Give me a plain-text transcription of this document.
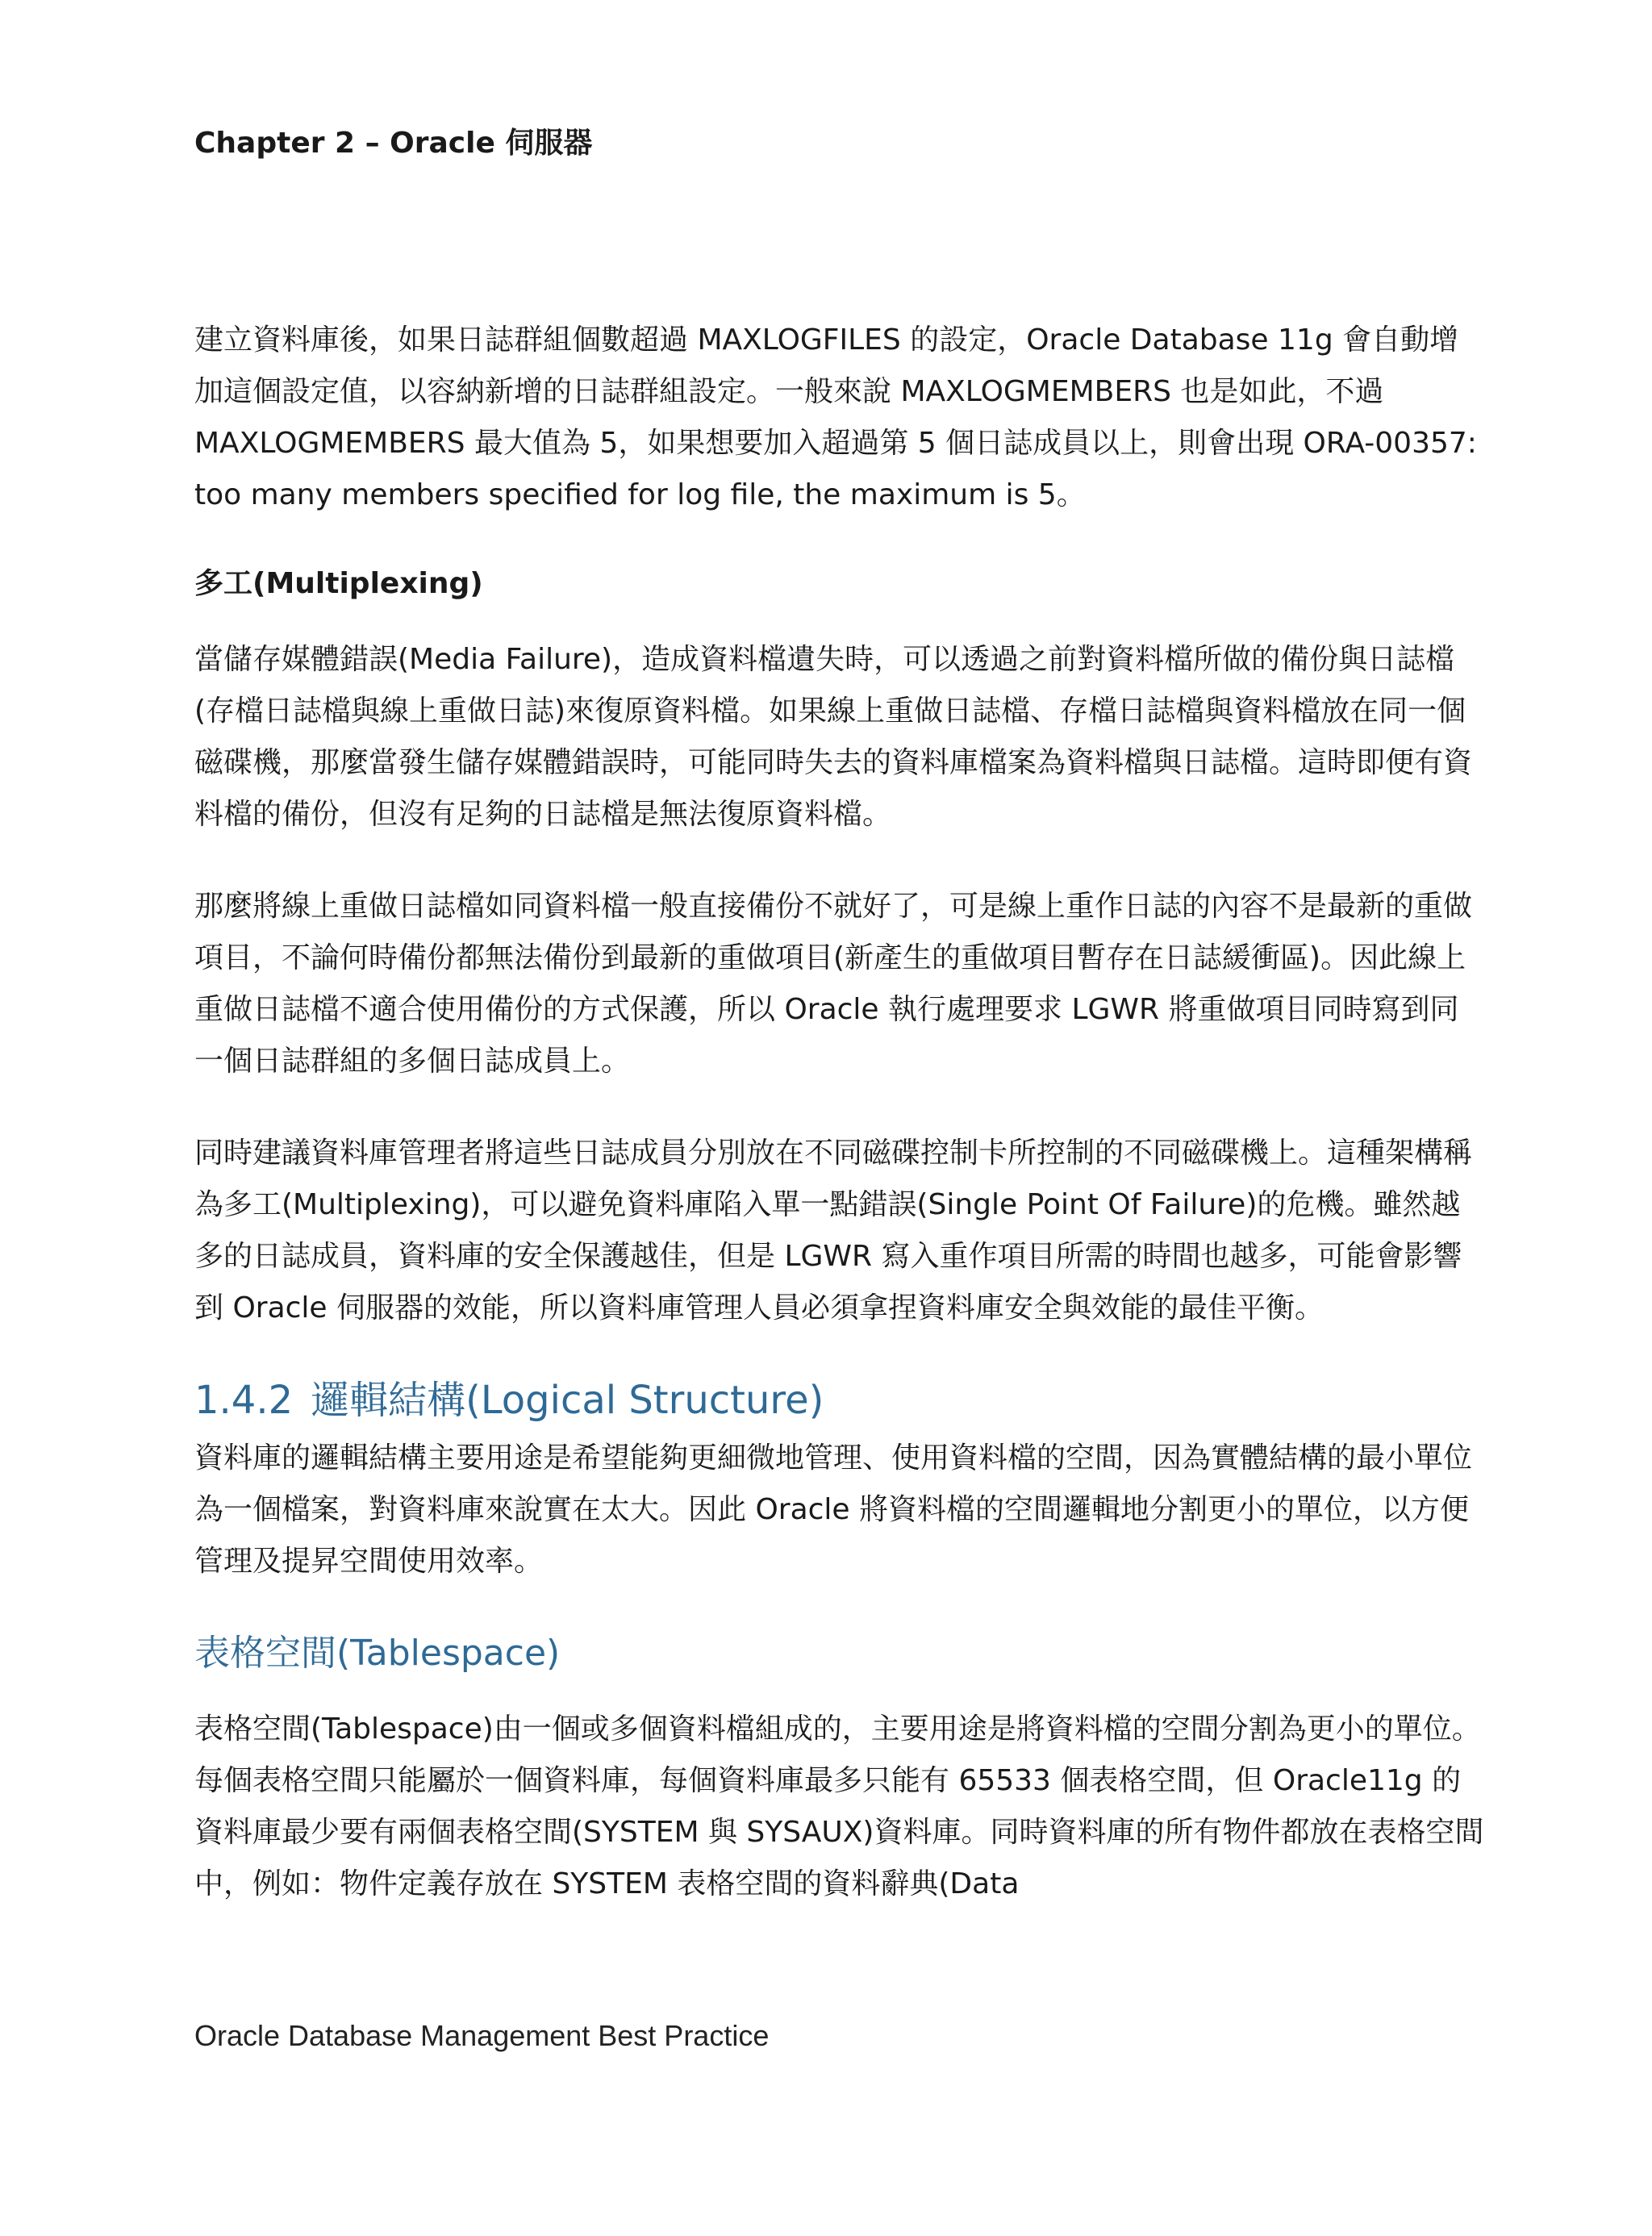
Chapter 2 – Oracle 伺服器

建立資料庫後，如果日誌群組個數超過 MAXLOGFILES 的設定，Oracle Database 11g 會自動增加這個設定值，以容納新增的日誌群組設定。一般來說 MAXLOGMEMBERS 也是如此，不過 MAXLOGMEMBERS 最大值為 5，如果想要加入超過第 5 個日誌成員以上，則會出現 ORA-00357: too many members specified for log file, the maximum is 5。

多工(Multiplexing)

當儲存媒體錯誤(Media Failure)，造成資料檔遺失時，可以透過之前對資料檔所做的備份與日誌檔(存檔日誌檔與線上重做日誌)來復原資料檔。如果線上重做日誌檔、存檔日誌檔與資料檔放在同一個磁碟機，那麼當發生儲存媒體錯誤時，可能同時失去的資料庫檔案為資料檔與日誌檔。這時即便有資料檔的備份，但沒有足夠的日誌檔是無法復原資料檔。

那麼將線上重做日誌檔如同資料檔一般直接備份不就好了，可是線上重作日誌的內容不是最新的重做項目，不論何時備份都無法備份到最新的重做項目(新產生的重做項目暫存在日誌緩衝區)。因此線上重做日誌檔不適合使用備份的方式保護，所以 Oracle 執行處理要求 LGWR 將重做項目同時寫到同一個日誌群組的多個日誌成員上。

同時建議資料庫管理者將這些日誌成員分別放在不同磁碟控制卡所控制的不同磁碟機上。這種架構稱為多工(Multiplexing)，可以避免資料庫陷入單一點錯誤(Single Point Of Failure)的危機。雖然越多的日誌成員，資料庫的安全保護越佳，但是 LGWR 寫入重作項目所需的時間也越多，可能會影響到 Oracle 伺服器的效能，所以資料庫管理人員必須拿捏資料庫安全與效能的最佳平衡。

1.4.2 邏輯結構(Logical Structure)

資料庫的邏輯結構主要用途是希望能夠更細微地管理、使用資料檔的空間，因為實體結構的最小單位為一個檔案，對資料庫來說實在太大。因此 Oracle 將資料檔的空間邏輯地分割更小的單位，以方便管理及提昇空間使用效率。

表格空間(Tablespace)

表格空間(Tablespace)由一個或多個資料檔組成的，主要用途是將資料檔的空間分割為更小的單位。每個表格空間只能屬於一個資料庫，每個資料庫最多只能有 65533 個表格空間，但 Oracle11g 的資料庫最少要有兩個表格空間(SYSTEM 與 SYSAUX)資料庫。同時資料庫的所有物件都放在表格空間中，例如：物件定義存放在 SYSTEM 表格空間的資料辭典(Data

Oracle Database Management Best Practice
